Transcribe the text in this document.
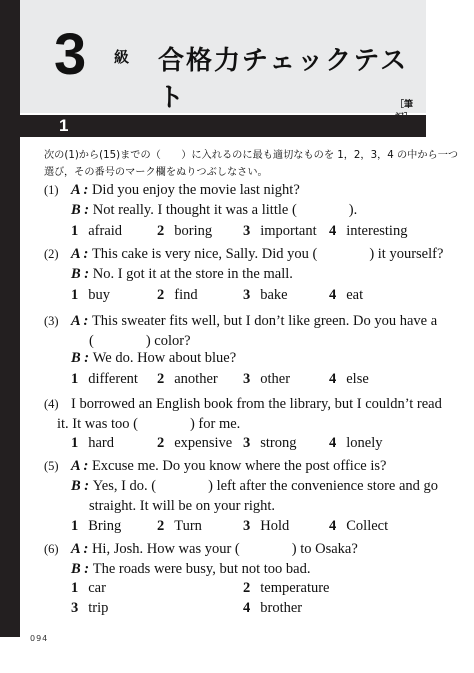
3 級 合格力チェックテスト	［筆
1
次の(1)から(15)までの（　　）に入れるのに最も適切なものを 1，2，3，4 の中から一つ
選び，その番号のマーク欄をぬりつぶしなさい。
(1) A : Did you enjoy the movie last night?
B : Not really. I thought it was a little (	).
1 afraid 2 boring 3 important 4 interesting
(2) A : This cake is very nice, Sally. Did you (	) it yourself?
B : No. I got it at the store in the mall.
1 buy	2 find	3 bake	4 eat
(3) A : This sweater fits well, but I don’t like green. Do you have a
(	) color?
B : We do. How about blue?
1 different 2 another 3 other	4 else
(4) I borrowed an English book from the library, but I couldn’t read
it. It was too (	) for me.
1 hard	2 expensive 3 strong 4 lonely
(5) A : Excuse me. Do you know where the post office is?
B : Yes, I do. (	) left after the convenience store and go
straight. It will be on your right.
1 Bring 2 Turn	3 Hold	4 Collect
(6) A : Hi, Josh. How was your (	) to Osaka?
B : The roads were busy, but not too bad.
1 car	2 temperature
3 trip	4 brother
094
